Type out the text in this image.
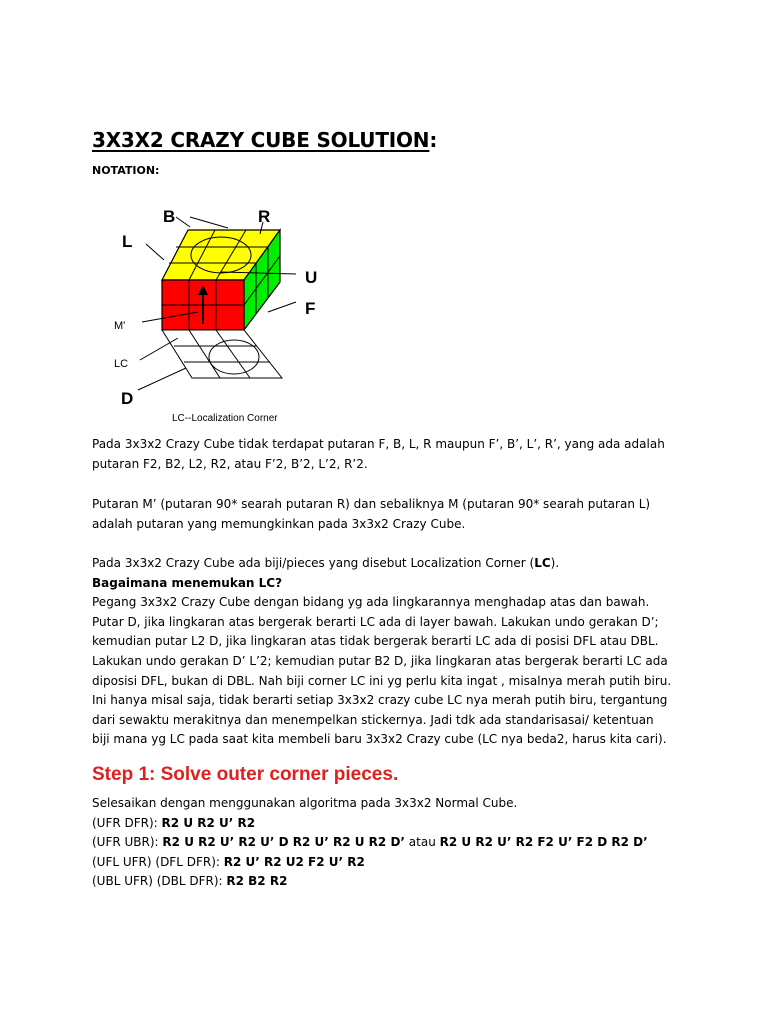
3X3X2 CRAZY CUBE SOLUTION:
NOTATION:
B	R
L
U
F
M'
LC
D
LC--Localization Corner
Pada 3x3x2 Crazy Cube tidak terdapat putaran F, B, L, R maupun F’, B’, L’, R’, yang ada adalah
putaran F2, B2, L2, R2, atau F’2, B’2, L’2, R’2.
Putaran M’ (putaran 90* searah putaran R) dan sebaliknya M (putaran 90* searah putaran L)
adalah putaran yang memungkinkan pada 3x3x2 Crazy Cube.
Pada 3x3x2 Crazy Cube ada biji/pieces yang disebut Localization Corner (LC).
Bagaimana menemukan LC?
Pegang 3x3x2 Crazy Cube dengan bidang yg ada lingkarannya menghadap atas dan bawah.
Putar D, jika lingkaran atas bergerak berarti LC ada di layer bawah. Lakukan undo gerakan D’;
kemudian putar L2 D, jika lingkaran atas tidak bergerak berarti LC ada di posisi DFL atau DBL.
Lakukan undo gerakan D’ L’2; kemudian putar B2 D, jika lingkaran atas bergerak berarti LC ada
diposisi DFL, bukan di DBL. Nah biji corner LC ini yg perlu kita ingat , misalnya merah putih biru.
Ini hanya misal saja, tidak berarti setiap 3x3x2 crazy cube LC nya merah putih biru, tergantung
dari sewaktu merakitnya dan menempelkan stickernya. Jadi tdk ada standarisasai/ ketentuan
biji mana yg LC pada saat kita membeli baru 3x3x2 Crazy cube (LC nya beda2, harus kita cari).
Step 1: Solve outer corner pieces.
Selesaikan dengan menggunakan algoritma pada 3x3x2 Normal Cube.
(UFR DFR): R2 U R2 U’ R2
(UFR UBR): R2 U R2 U’ R2 U’ D R2 U’ R2 U R2 D’ atau R2 U R2 U’ R2 F2 U’ F2 D R2 D’
(UFL UFR) (DFL DFR): R2 U’ R2 U2 F2 U’ R2
(UBL UFR) (DBL DFR): R2 B2 R2
